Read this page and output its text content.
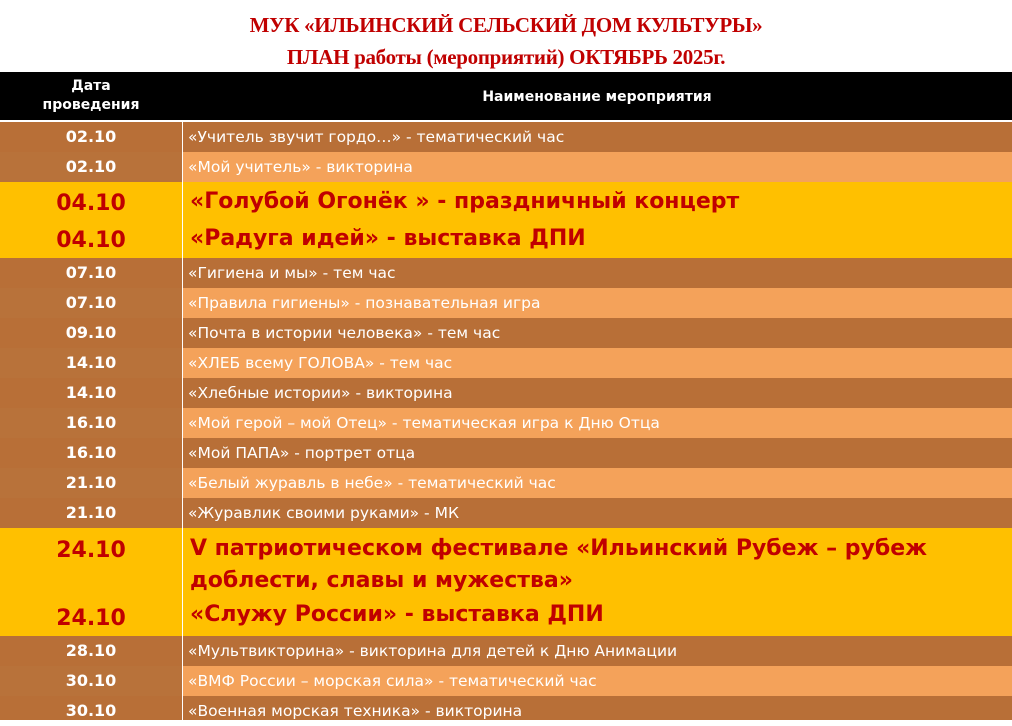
МУК «ИЛЬИНСКИЙ СЕЛЬСКИЙ ДОМ КУЛЬТУРЫ»
ПЛАН работы (мероприятий) ОКТЯБРЬ 2025г.
Дата
проведения	Наименование мероприятия
02.10	«Учитель звучит гордо…» - тематический час
02.10	«Мой учитель» - викторина
04.10	«Голубой Огонёк » - праздничный концерт
04.10	«Радуга идей» - выставка ДПИ
07.10	«Гигиена и мы» - тем час
07.10	«Правила гигиены» - познавательная игра
09.10	«Почта в истории человека» - тем час
14.10	«ХЛЕБ всему ГОЛОВА» - тем час
14.10	«Хлебные истории» - викторина
16.10	«Мой герой – мой Отец» - тематическая игра к Дню Отца
16.10	«Мой ПАПА» - портрет отца
21.10	«Белый журавль в небе» - тематический час
21.10	«Журавлик своими руками» - МК
24.10	V патриотическом фестивале «Ильинский Рубеж – рубеж
доблести, славы и мужества»
24.10	«Служу России» - выставка ДПИ
28.10	«Мультвикторина» - викторина для детей к Дню Анимации
30.10	«ВМФ России – морская сила» - тематический час
30.10	«Военная морская техника» - викторина
